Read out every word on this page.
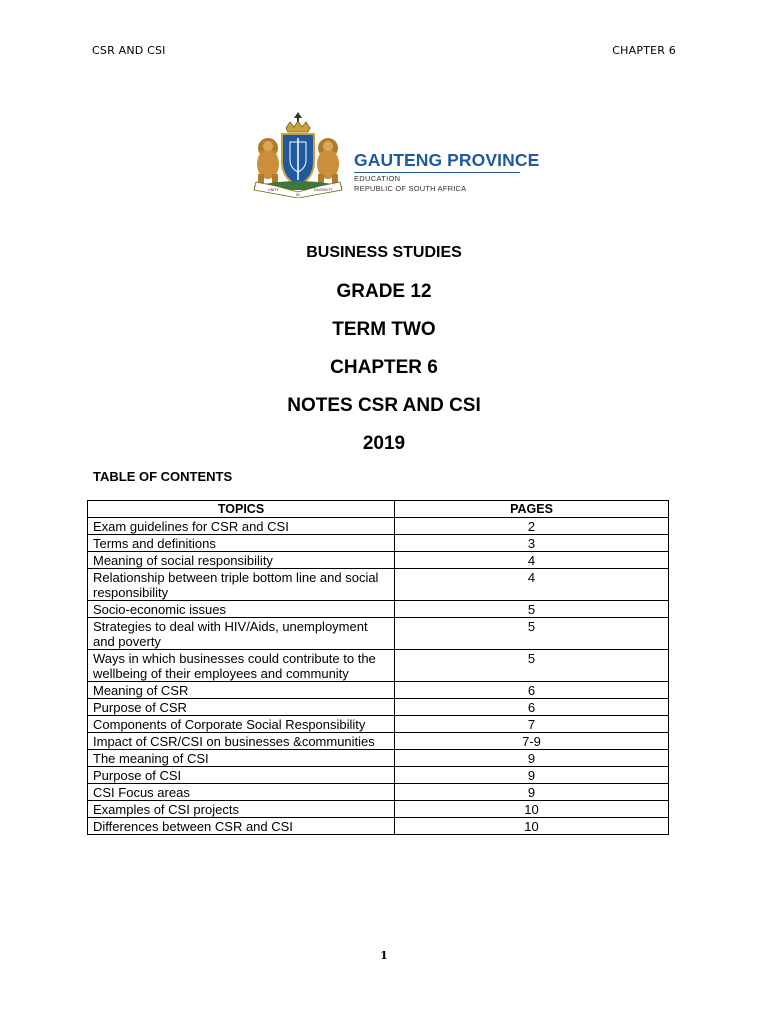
CSR AND CSI	CHAPTER 6
UNITY
IN
DIVERSITY
GAUTENG PROVINCE
EDUCATION
REPUBLIC OF SOUTH AFRICA
BUSINESS STUDIES
GRADE 12
TERM TWO
CHAPTER 6
NOTES CSR AND CSI
2019
TABLE OF CONTENTS
TOPICS	PAGES
Exam guidelines for CSR and CSI	2
Terms and definitions	3
Meaning of social responsibility	4
Relationship between triple bottom line and social responsibility	4
Socio-economic issues	5
Strategies to deal with HIV/Aids, unemployment and poverty	5
Ways in which businesses could contribute to the wellbeing of their employees and community	5
Meaning of CSR	6
Purpose of CSR	6
Components of Corporate Social Responsibility	7
Impact of CSR/CSI on businesses &communities	7-9
The meaning of CSI	9
Purpose of CSI	9
CSI Focus areas	9
Examples of CSI projects	10
Differences between CSR and CSI	10
1
